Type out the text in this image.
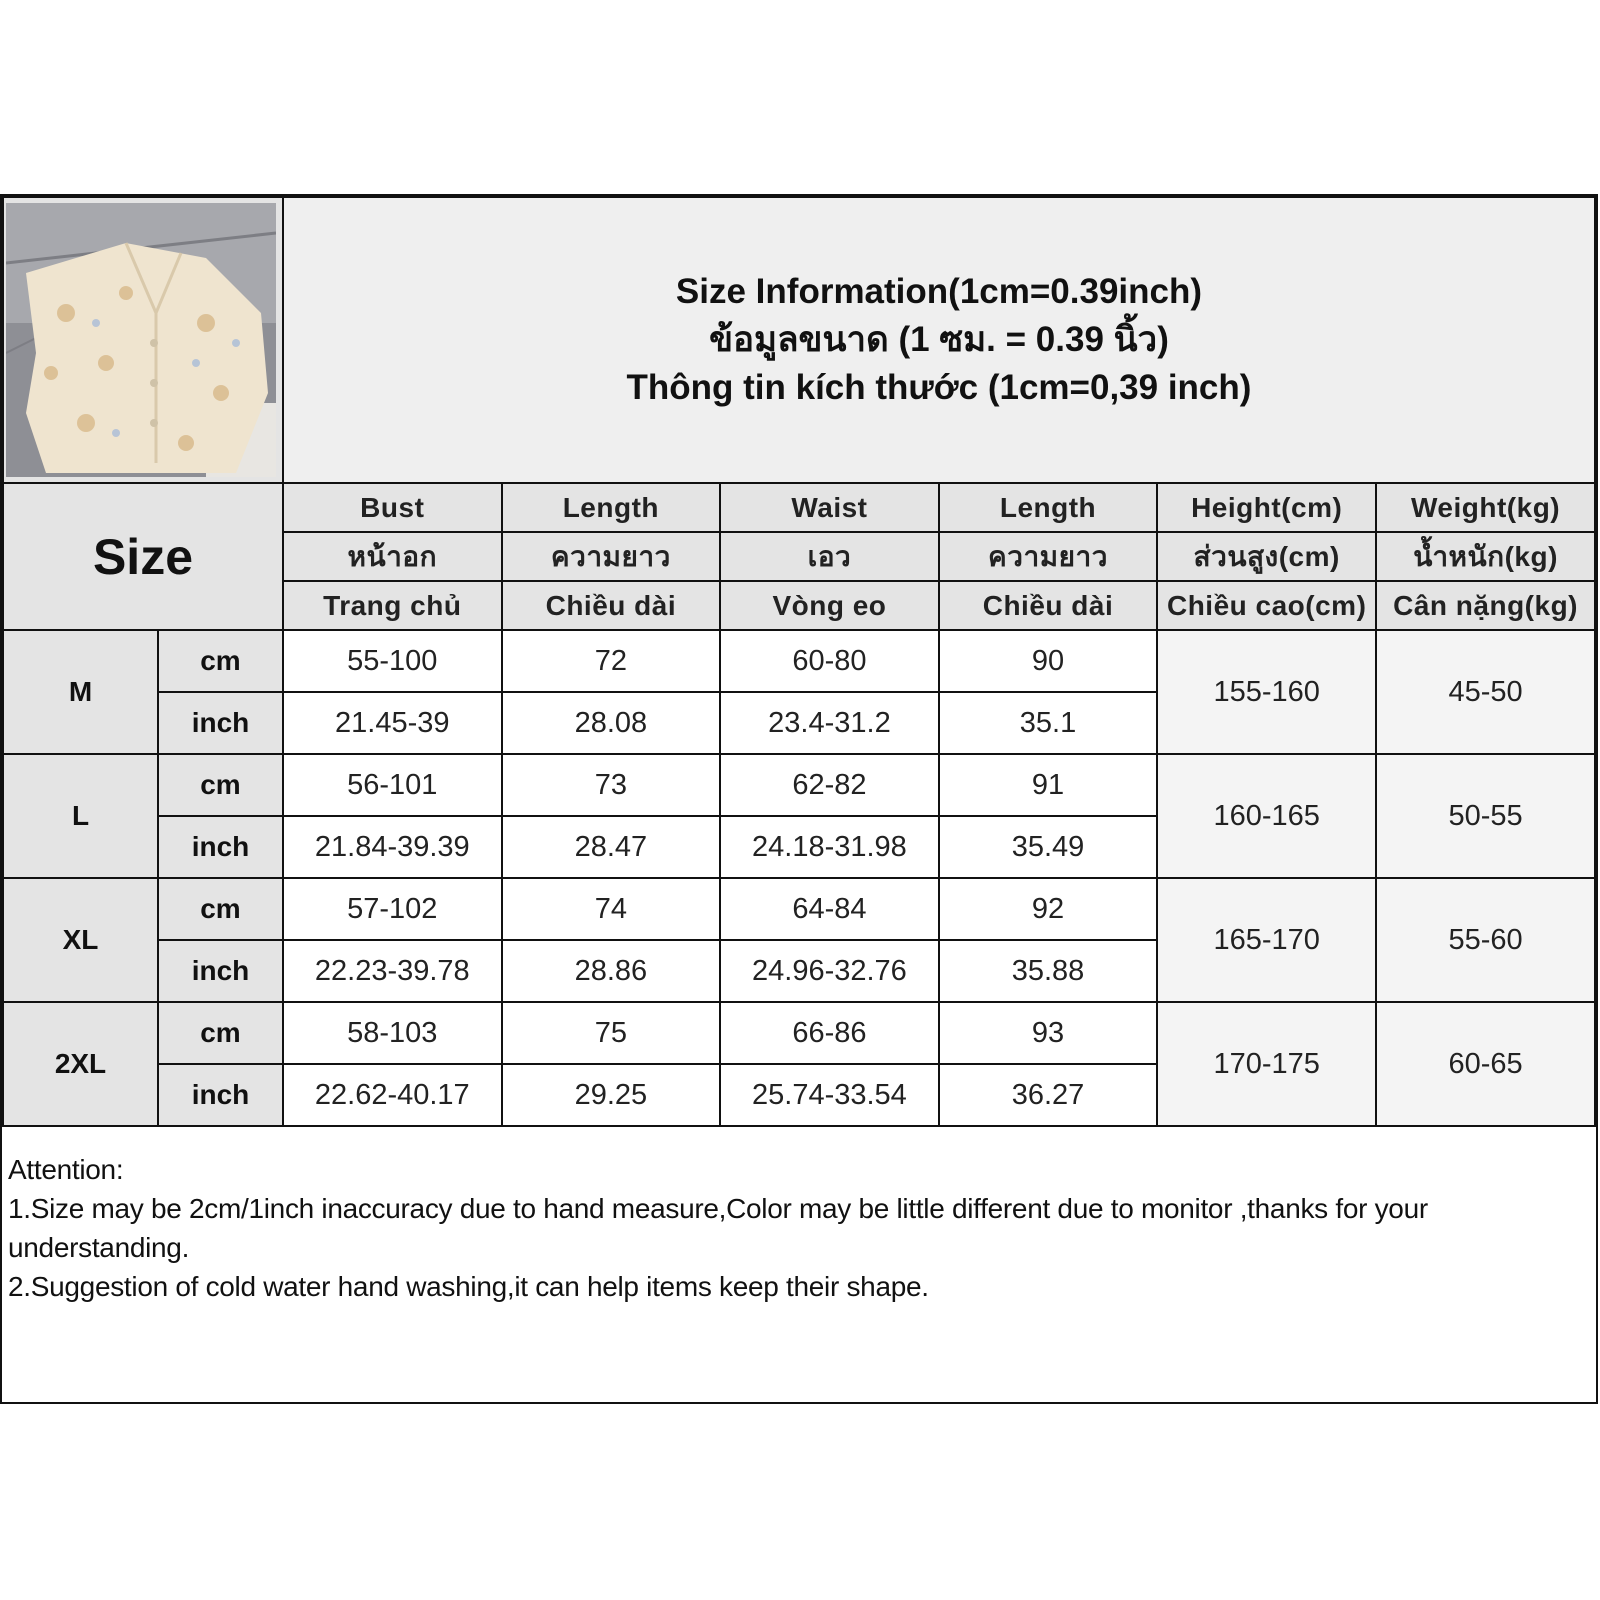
Size Information(1cm=0.39inch)
ข้อมูลขนาด (1 ซม. = 0.39 นิ้ว)
Thông tin kích thước (1cm=0,39 inch)					

Size		Bust	Length	Waist	Length	Height(cm)	Weight(kg)
		หน้าอก	ความยาว	เอว	ความยาว	ส่วนสูง(cm)	น้ำหนัก(kg)
		Trang chủ	Chiều dài	Vòng eo	Chiều dài	Chiều cao(cm)	Cân nặng(kg)
M	cm	55-100	72	60-80	90	155-160	45-50
	inch	21.45-39	28.08	23.4-31.2	35.1		
L	cm	56-101	73	62-82	91	160-165	50-55
	inch	21.84-39.39	28.47	24.18-31.98	35.49		
XL	cm	57-102	74	64-84	92	165-170	55-60
	inch	22.23-39.78	28.86	24.96-32.76	35.88		
2XL	cm	58-103	75	66-86	93	170-175	60-65
	inch	22.62-40.17	29.25	25.74-33.54	36.27		
Attention:
1.Size may be 2cm/1inch inaccuracy due to hand measure,Color may be little different due to monitor ,thanks for your understanding.
2.Suggestion of cold water hand washing,it can help items keep their shape.
